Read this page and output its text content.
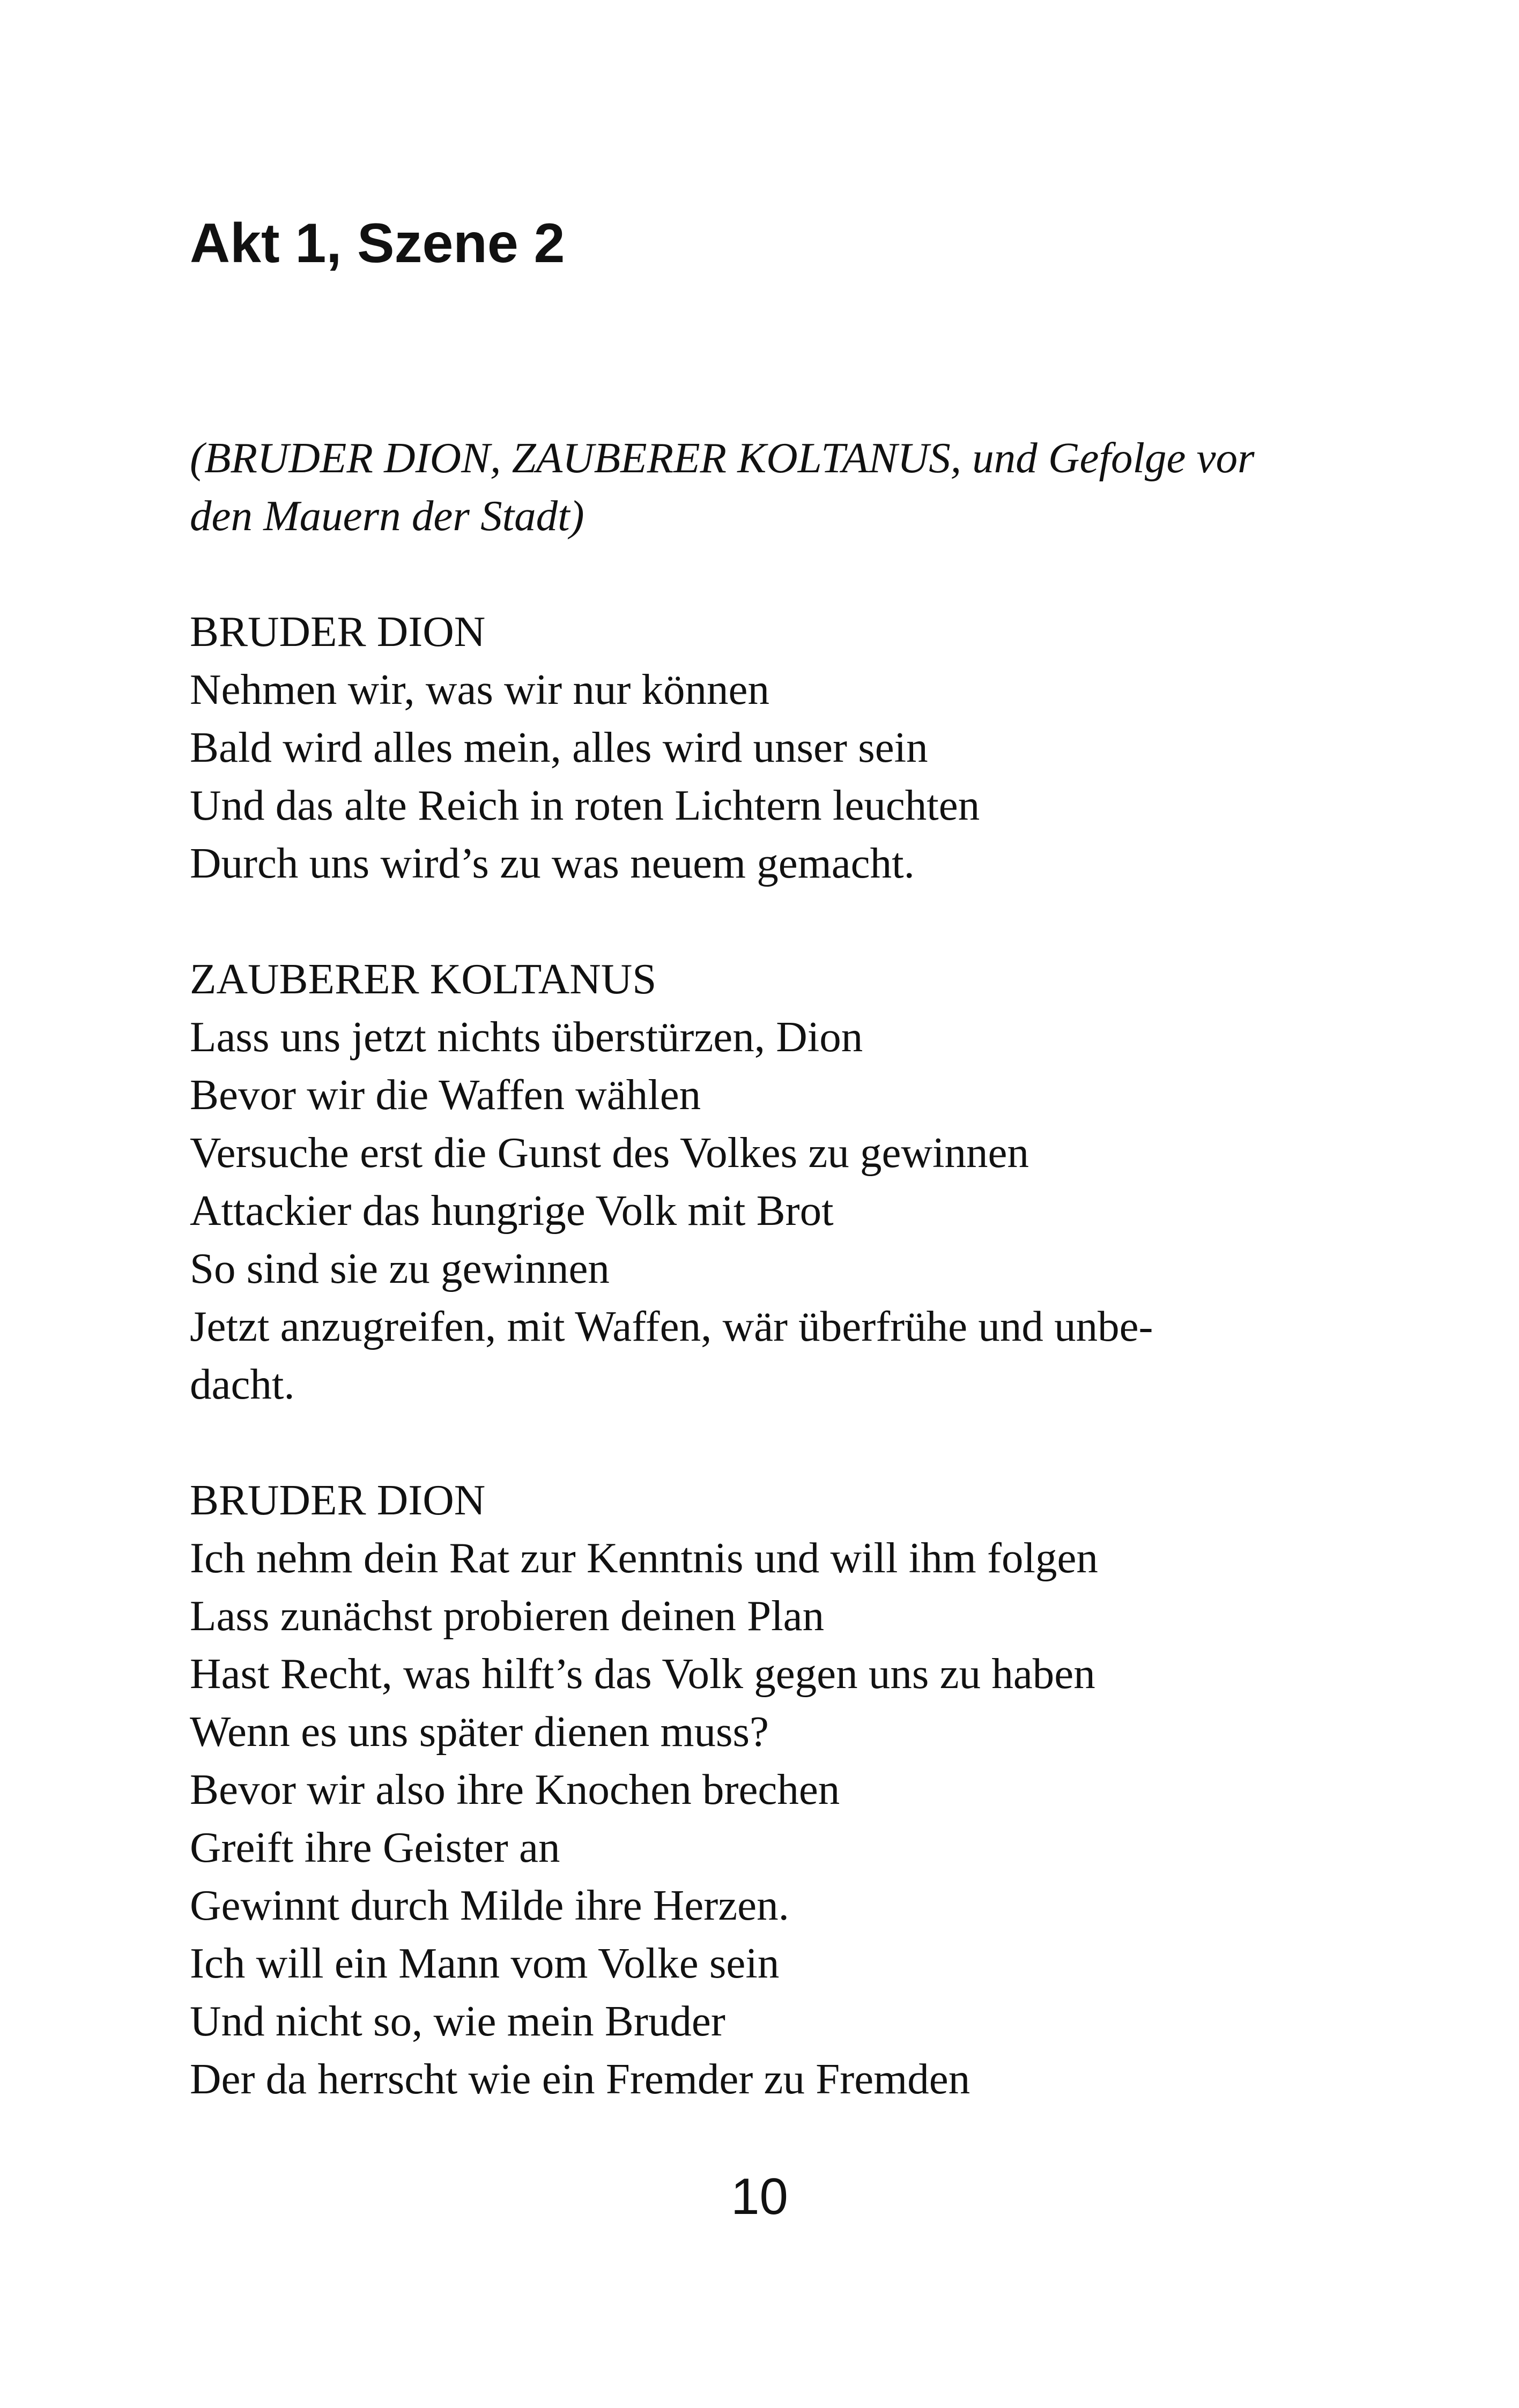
Akt 1, Szene 2

(BRUDER DION, ZAUBERER KOLTANUS, und Gefolge vor
den Mauern der Stadt)

BRUDER DION
Nehmen wir, was wir nur können
Bald wird alles mein, alles wird unser sein
Und das alte Reich in roten Lichtern leuchten
Durch uns wird’s zu was neuem gemacht.
ZAUBERER KOLTANUS
Lass uns jetzt nichts überstürzen, Dion
Bevor wir die Waffen wählen
Versuche erst die Gunst des Volkes zu gewinnen
Attackier das hungrige Volk mit Brot
So sind sie zu gewinnen
Jetzt anzugreifen, mit Waffen, wär überfrühe und unbe-
dacht.
BRUDER DION
Ich nehm dein Rat zur Kenntnis und will ihm folgen
Lass zunächst probieren deinen Plan
Hast Recht, was hilft’s das Volk gegen uns zu haben
Wenn es uns später dienen muss?
Bevor wir also ihre Knochen brechen
Greift ihre Geister an
Gewinnt durch Milde ihre Herzen.
Ich will ein Mann vom Volke sein
Und nicht so, wie mein Bruder
Der da herrscht wie ein Fremder zu Fremden
10
